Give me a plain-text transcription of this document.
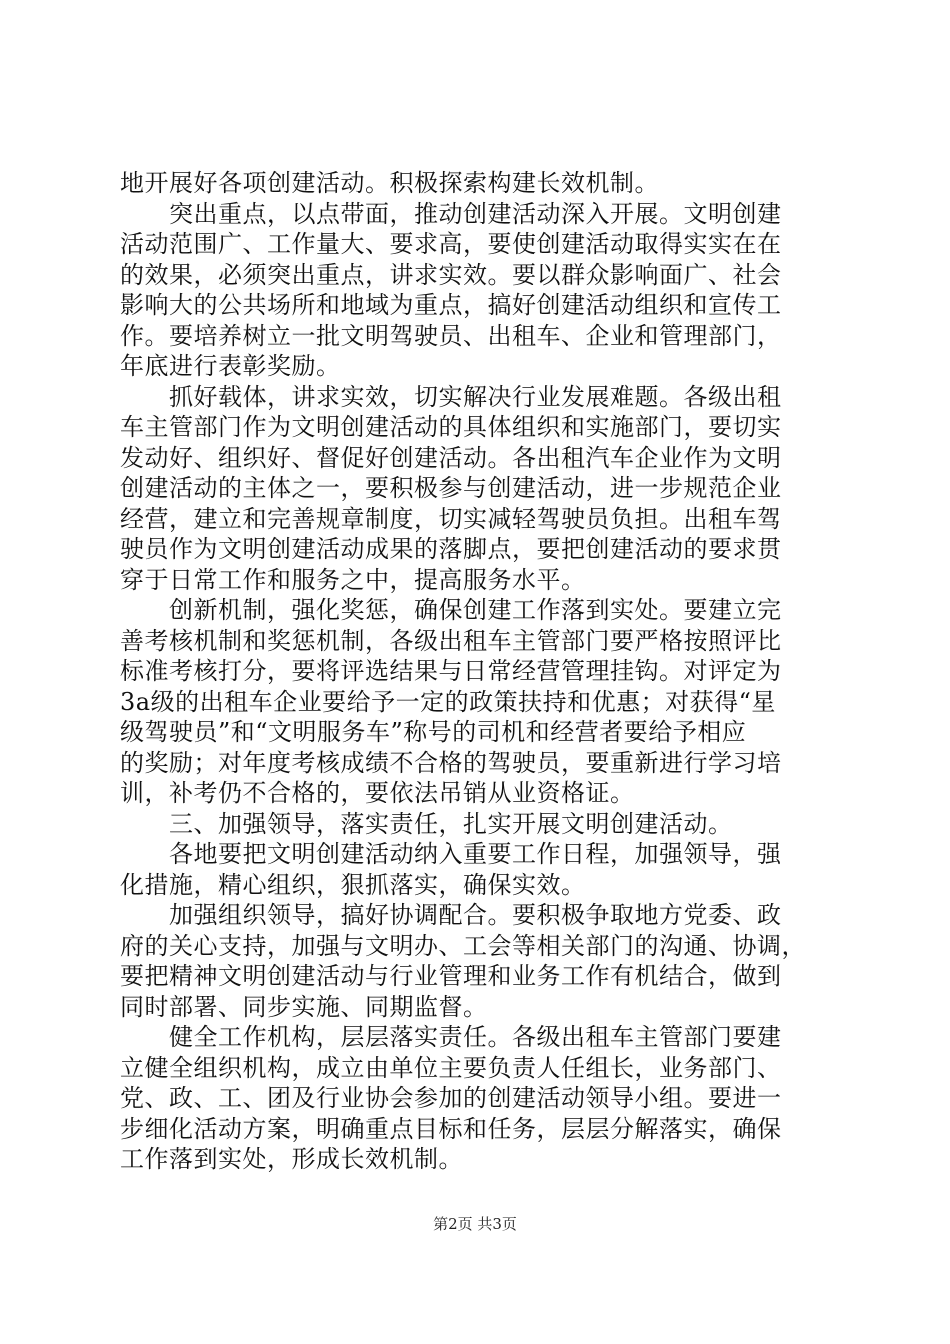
地开展好各项创建活动。积极探索构建长效机制。
　　突出重点，以点带面，推动创建活动深入开展。文明创建
活动范围广、工作量大、要求高，要使创建活动取得实实在在
的效果，必须突出重点，讲求实效。要以群众影响面广、社会
影响大的公共场所和地域为重点，搞好创建活动组织和宣传工
作。要培养树立一批文明驾驶员、出租车、企业和管理部门，
年底进行表彰奖励。
　　抓好载体，讲求实效，切实解决行业发展难题。各级出租
车主管部门作为文明创建活动的具体组织和实施部门，要切实
发动好、组织好、督促好创建活动。各出租汽车企业作为文明
创建活动的主体之一，要积极参与创建活动，进一步规范企业
经营，建立和完善规章制度，切实减轻驾驶员负担。出租车驾
驶员作为文明创建活动成果的落脚点，要把创建活动的要求贯
穿于日常工作和服务之中，提高服务水平。
　　创新机制，强化奖惩，确保创建工作落到实处。要建立完
善考核机制和奖惩机制，各级出租车主管部门要严格按照评比
标准考核打分，要将评选结果与日常经营管理挂钩。对评定为
3a级的出租车企业要给予一定的政策扶持和优惠；对获得“星
级驾驶员”和“文明服务车”称号的司机和经营者要给予相应
的奖励；对年度考核成绩不合格的驾驶员，要重新进行学习培
训，补考仍不合格的，要依法吊销从业资格证。
　　三、加强领导，落实责任，扎实开展文明创建活动。
　　各地要把文明创建活动纳入重要工作日程，加强领导，强
化措施，精心组织，狠抓落实，确保实效。
　　加强组织领导，搞好协调配合。要积极争取地方党委、政
府的关心支持，加强与文明办、工会等相关部门的沟通、协调，
要把精神文明创建活动与行业管理和业务工作有机结合，做到
同时部署、同步实施、同期监督。
　　健全工作机构，层层落实责任。各级出租车主管部门要建
立健全组织机构，成立由单位主要负责人任组长，业务部门、
党、政、工、团及行业协会参加的创建活动领导小组。要进一
步细化活动方案，明确重点目标和任务，层层分解落实，确保
工作落到实处，形成长效机制。
第2页 共3页
